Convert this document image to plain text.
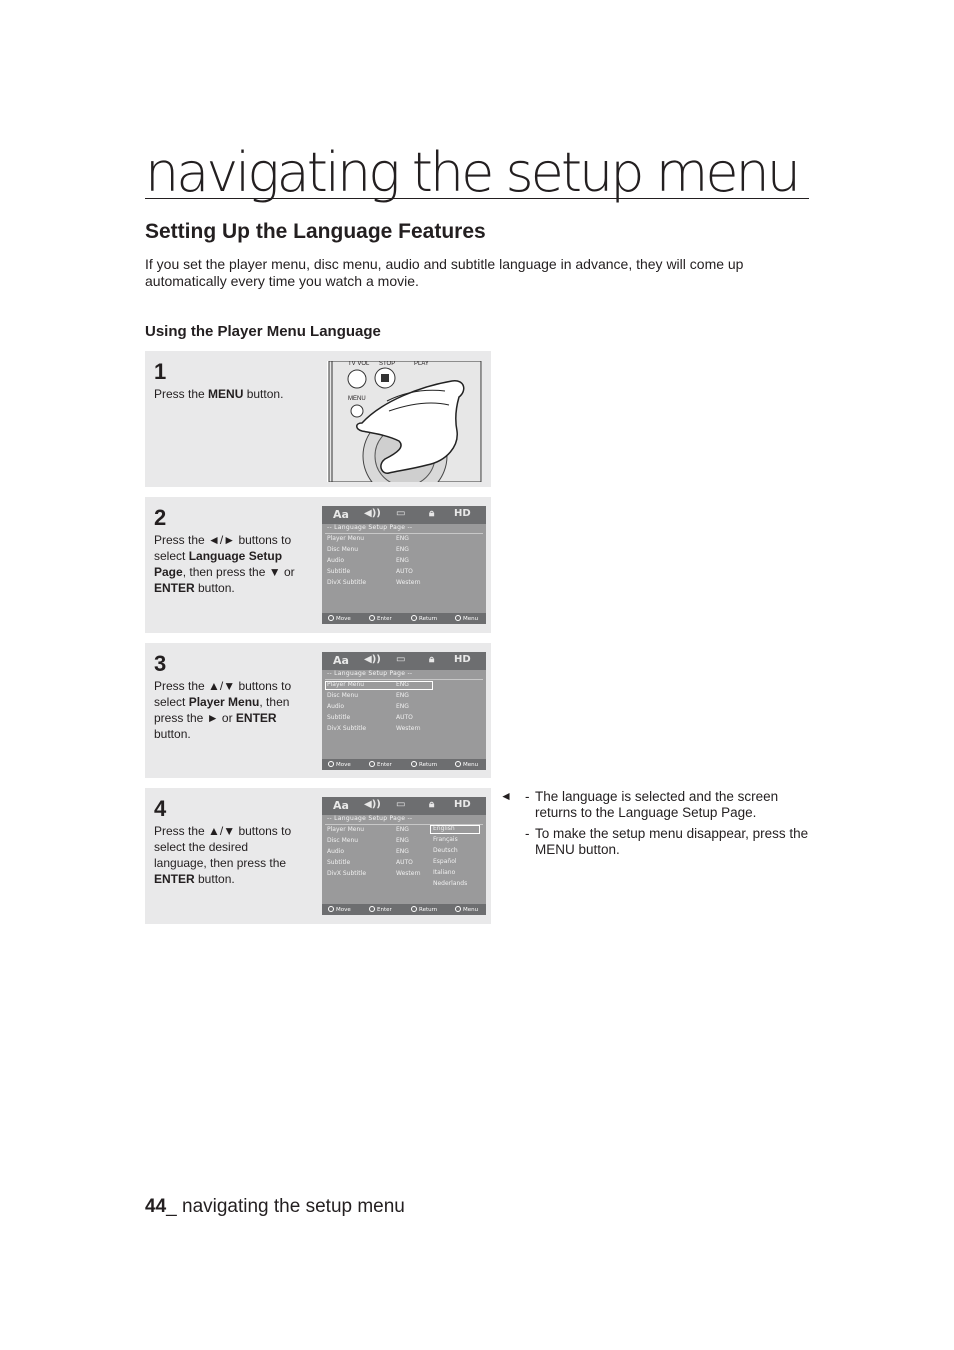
navigating the setup menu
Setting Up the Language Features
If you set the player menu, disc menu, audio and subtitle language in advance, they will come up automatically every time you watch a movie.
Using the Player Menu Language
1
Press the MENU button.
TV VOL STOP	PLAY
MENU
2
Press the ◄/► buttons to select Language Setup Page, then press the ▼ or ENTER button.
Aa ◀)) ▭ 🔒︎ HD
-- Language Setup Page --
Player Menu	ENG
Disc Menu	ENG
Audio	ENG
Subtitle	AUTO
DivX Subtitle	Western
Move	Enter	Return	Menu
3
Press the ▲/▼ buttons to select Player Menu, then press the ► or ENTER button.
Aa ◀)) ▭ 🔒︎ HD
-- Language Setup Page --
Player Menu	ENG
Disc Menu	ENG
Audio	ENG
Subtitle	AUTO
DivX Subtitle	Western
Move	Enter	Return	Menu
4
Press the ▲/▼ buttons to select the desired language, then press the ENTER button.
Aa ◀)) ▭ 🔒︎ HD
-- Language Setup Page --
Player Menu	ENG
Disc Menu	ENG
Audio	ENG
Subtitle	AUTO
DivX Subtitle	Western
English
Français
Deutsch
Español
Italiano
Nederlands
Move	Enter	Return	Menu
◄ - The language is selected and the screen returns to the Language Setup Page.
- To make the setup menu disappear, press the MENU button.
44_ navigating the setup menu
